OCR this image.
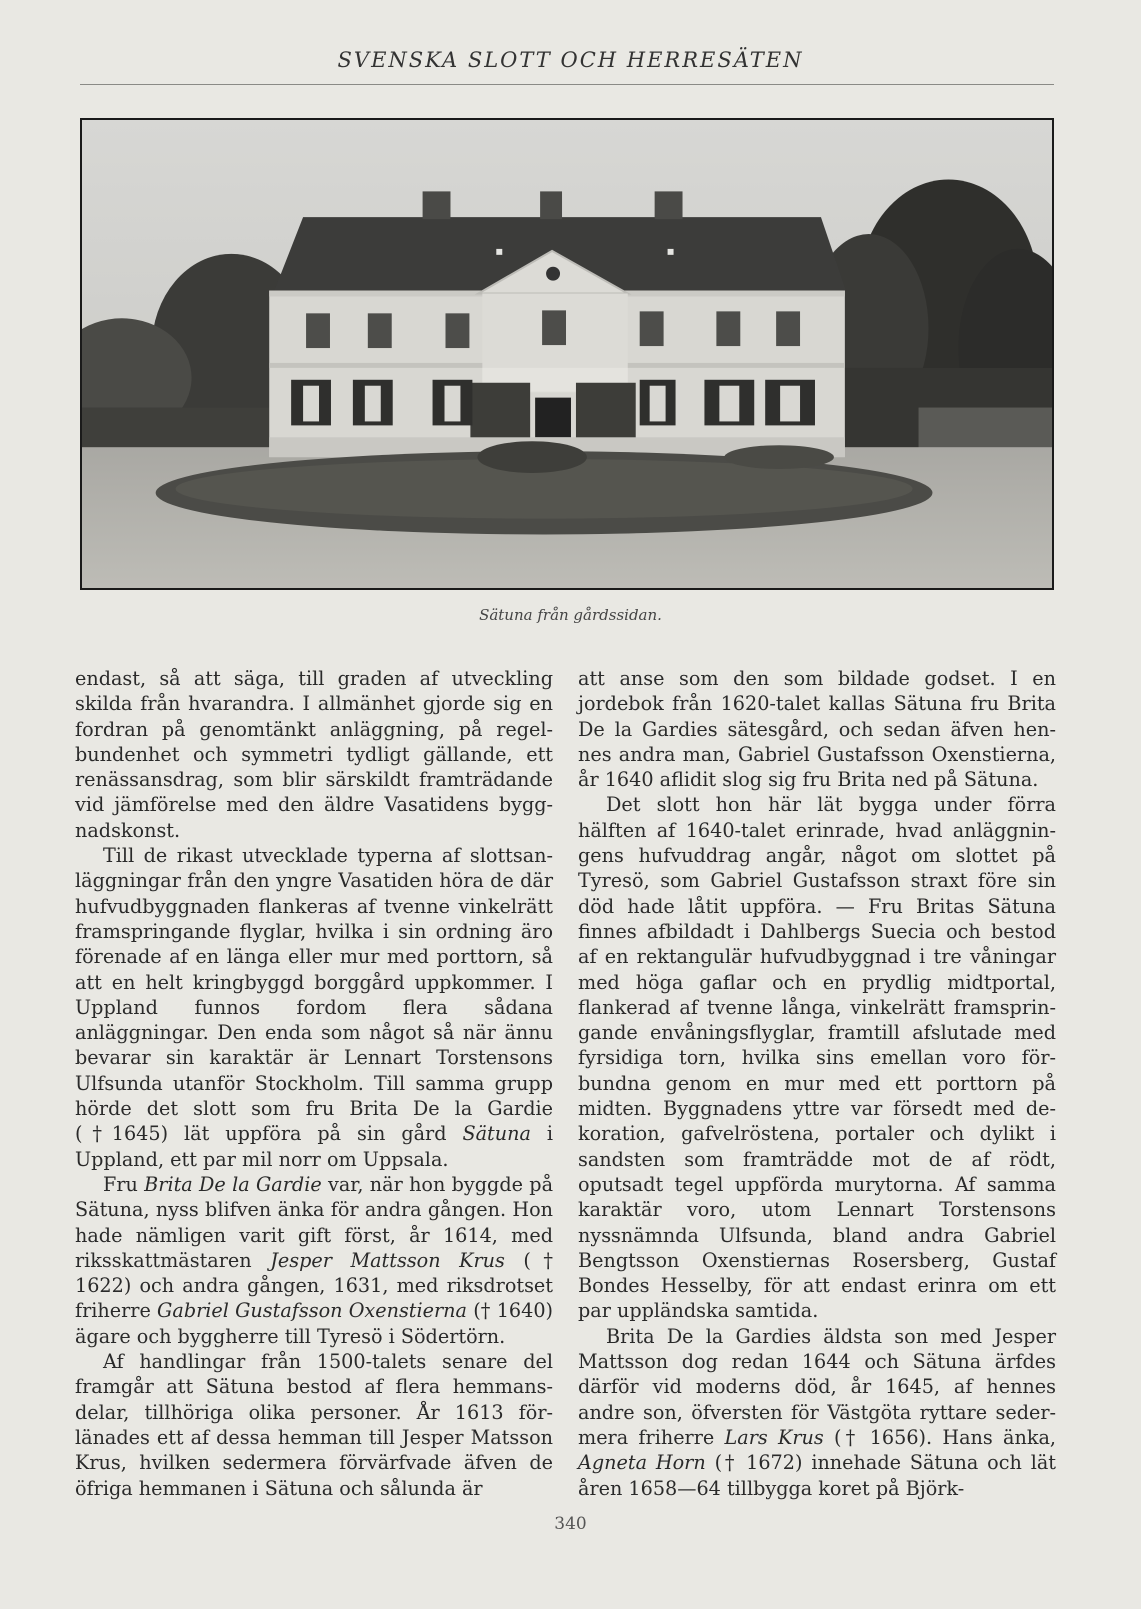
SVENSKA SLOTT OCH HERRESÄTEN
Sätuna från gårdssidan.

endast, så att säga, till graden af utveckling skilda från hvarandra. I allmänhet gjorde sig en fordran på genomtänkt anläggning, på regelbundenhet och symmetri tydligt gällande, ett renässansdrag, som blir särskildt framträdande vid jämförelse med den äldre Vasatidens byggnadskonst.

Till de rikast utvecklade typerna af slottsanläggningar från den yngre Vasatiden höra de där hufvudbyggnaden flankeras af tvenne vinkelrätt framspringande flyglar, hvilka i sin ordning äro förenade af en länga eller mur med porttorn, så att en helt kringbyggd borggård uppkommer. I Uppland funnos fordom flera sådana anläggningar. Den enda som något så när ännu bevarar sin karaktär är Lennart Torstensons Ulfsunda utanför Stockholm. Till samma grupp hörde det slott som fru Brita De la Gardie (†1645) lät uppföra på sin gård Sätuna i Uppland, ett par mil norr om Uppsala.

Fru Brita De la Gardie var, när hon byggde på Sätuna, nyss blifven änka för andra gången. Hon hade nämligen varit gift först, år 1614, med riksskattmästaren Jesper Mattsson Krus († 1622) och andra gången, 1631, med riksdrotset friherre Gabriel Gustafsson Oxenstierna († 1640) ägare och byggherre till Tyresö i Södertörn.

Af handlingar från 1500-talets senare del framgår att Sätuna bestod af flera hemmansdelar, tillhöriga olika personer. År 1613 förlänades ett af dessa hemman till Jesper Matsson Krus, hvilken sedermera förvärfvade äfven de öfriga hemmanen i Sätuna och sålunda är

att anse som den som bildade godset. I en jordebok från 1620-talet kallas Sätuna fru Brita De la Gardies sätesgård, och sedan äfven hennes andra man, Gabriel Gustafsson Oxenstierna, år 1640 aflidit slog sig fru Brita ned på Sätuna.

Det slott hon här lät bygga under förra hälften af 1640-talet erinrade, hvad anläggningens hufvuddrag angår, något om slottet på Tyresö, som Gabriel Gustafsson straxt före sin död hade låtit uppföra. — Fru Britas Sätuna finnes afbildadt i Dahlbergs Suecia och bestod af en rektangulär hufvudbyggnad i tre våningar med höga gaflar och en prydlig midtportal, flankerad af tvenne långa, vinkelrätt framspringande envåningsflyglar, framtill afslutade med fyrsidiga torn, hvilka sins emellan voro förbundna genom en mur med ett porttorn på midten. Byggnadens yttre var försedt med dekoration, gafvelröstena, portaler och dylikt i sandsten som framträdde mot de af rödt, oputsadt tegel uppförda murytorna. Af samma karaktär voro, utom Lennart Torstensons nyssnämnda Ulfsunda, bland andra Gabriel Bengtsson Oxenstiernas Rosersberg, Gustaf Bondes Hesselby, för att endast erinra om ett par uppländska samtida.

Brita De la Gardies äldsta son med Jesper Mattsson dog redan 1644 och Sätuna ärfdes därför vid moderns död, år 1645, af hennes andre son, öfversten för Västgöta ryttare sedermera friherre Lars Krus († 1656). Hans änka, Agneta Horn († 1672) innehade Sätuna och lät åren 1658—64 tillbygga koret på Björk-

340
